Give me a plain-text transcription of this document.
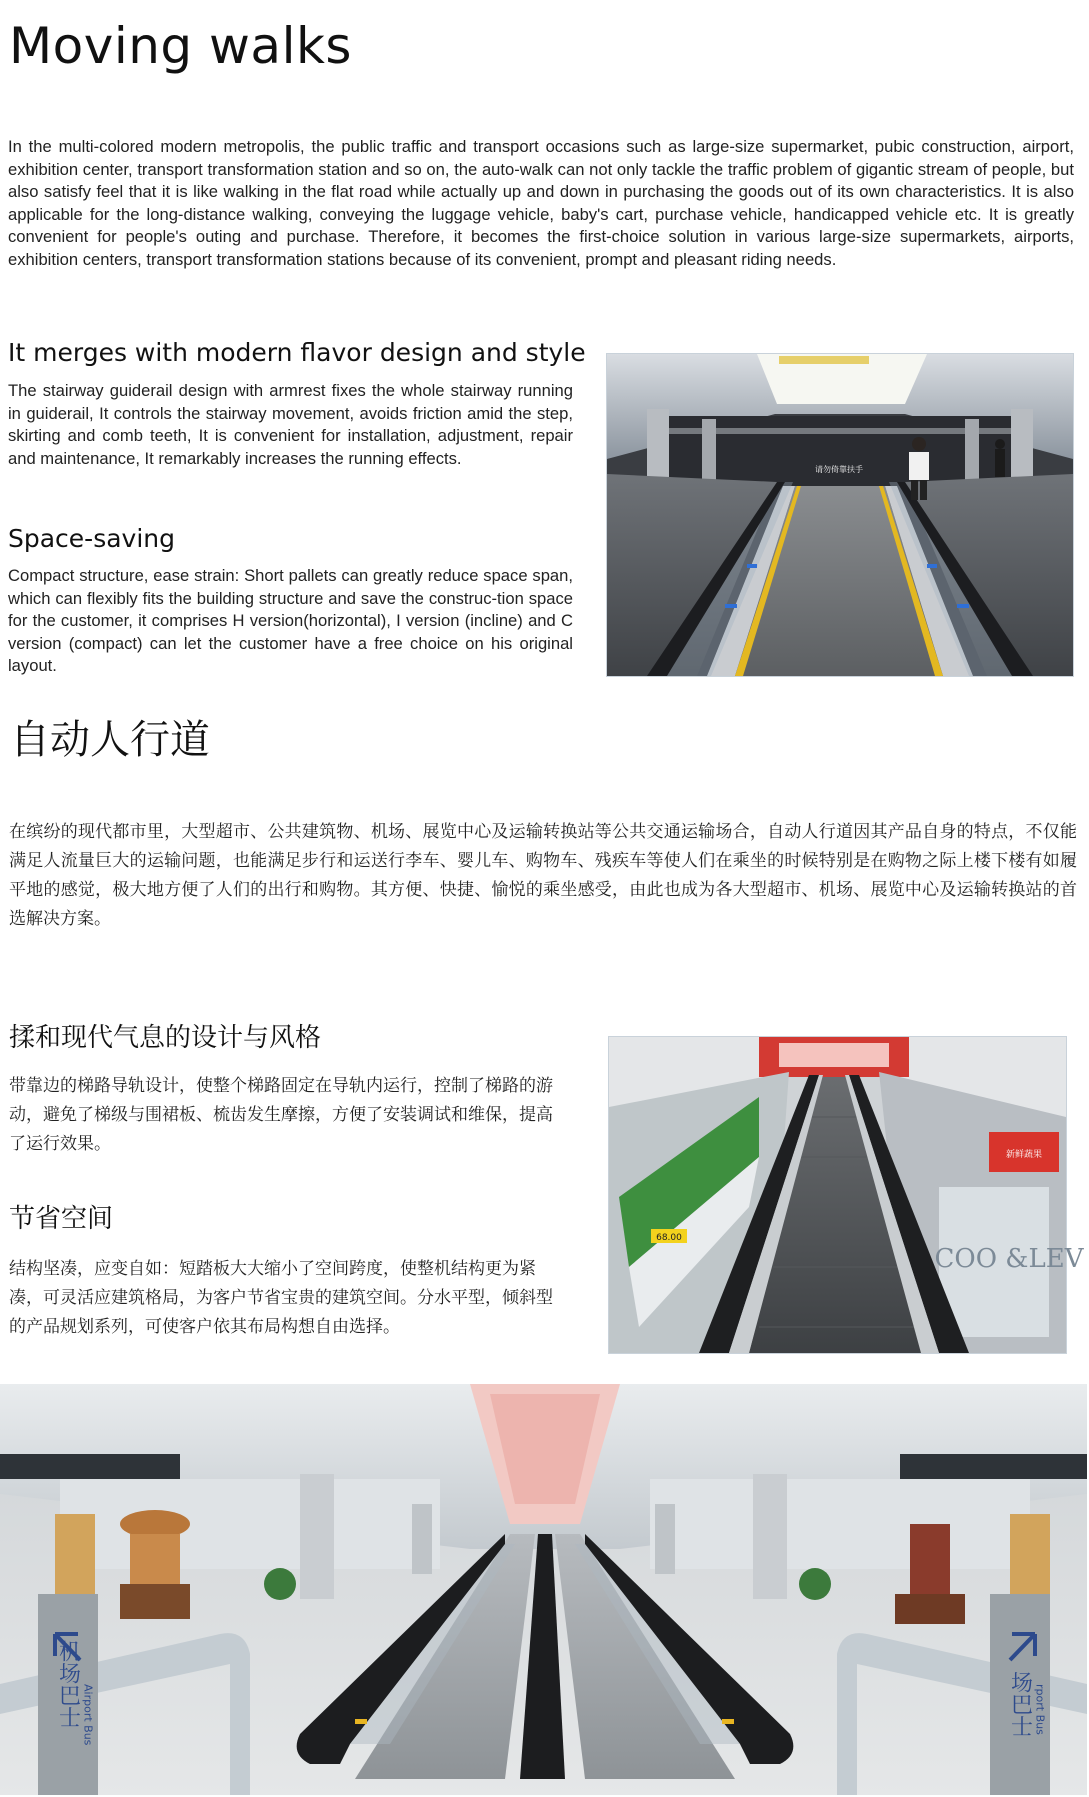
Moving walks

In the multi-colored modern metropolis, the public traffic and transport occasions such as large-size supermarket, pubic construction, airport, exhibition center, transport transformation station and so on, the auto-walk can not only tackle the traffic problem of gigantic stream of people, but also satisfy feel that it is like walking in the flat road while actually up and down in purchasing the goods out of its own characteristics. It is also applicable for the long-distance walking, conveying the luggage vehicle, baby's cart, purchase vehicle, handicapped vehicle etc. It is greatly convenient for people's outing and purchase. Therefore, it becomes the first-choice solution in various large-size supermarkets, airports, exhibition centers, transport transformation stations because of its convenient, prompt and pleasant riding needs.

It merges with modern flavor design and style

The stairway guiderail design with armrest fixes the whole stairway running in guiderail, It controls the stairway movement, avoids friction amid the step, skirting and comb teeth, It is convenient for installation, adjustment, repair and maintenance, It remarkably increases the running effects.

Space-saving

Compact structure, ease strain: Short pallets can greatly reduce space span, which can flexibly fits the building structure and save the construc-tion space for the customer, it comprises H version(horizontal), I version (incline) and C version (compact) can let the customer have a free choice on his original layout.

请勿倚靠扶手
自动人行道

在缤纷的现代都市里，大型超市、公共建筑物、机场、展览中心及运输转换站等公共交通运输场合，自动人行道因其产品自身的特点，不仅能满足人流量巨大的运输问题，也能满足步行和运送行李车、婴儿车、购物车、残疾车等使人们在乘坐的时候特别是在购物之际上楼下楼有如履平地的感觉，极大地方便了人们的出行和购物。其方便、快捷、愉悦的乘坐感受，由此也成为各大型超市、机场、展览中心及运输转换站的首选解决方案。

揉和现代气息的设计与风格

带靠边的梯路导轨设计，使整个梯路固定在导轨内运行，控制了梯路的游动，避免了梯级与围裙板、梳齿发生摩擦，方便了安装调试和维保，提高了运行效果。

节省空间

结构坚凑，应变自如：短踏板大大缩小了空间跨度，使整机结构更为紧凑，可灵活应建筑格局，为客户节省宝贵的建筑空间。分水平型，倾斜型的产品规划系列，可使客户依其布局构想自由选择。

68.00
新鲜蔬果
COO &LEV
机场巴士 Airport Bus	场巴士 rport Bus
